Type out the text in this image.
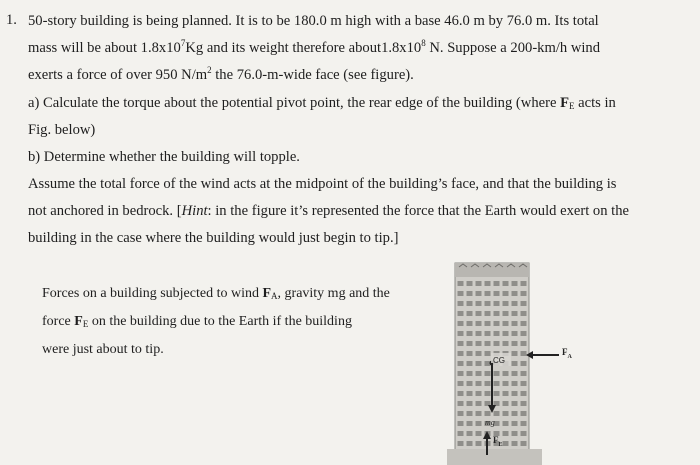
1. 50-story building is being planned. It is to be 180.0 m high with a base 46.0 m by 76.0 m. Its total
mass will be about $1.8x10^7Kg$ and its weight therefore $about1.8x10^8$ N. Suppose a 200-km/h wind
exerts a force of over 950 $N/m^2$ the 76.0-m-wide face (see figure).
a) Calculate the torque about the potential pivot point, the rear edge of the building (where $F_E$ acts in
Fig. below)
b) Determine whether the building will topple.
Assume the total force of the wind acts at the midpoint of the building’s face, and that the building is
not anchored in bedrock. [Hint: in the figure it’s represented the force that the Earth would exert on the
building in the case where the building would just begin to tip.]
Forces on a building subjected to wind $F_A$, gravity mg and the
force $F_E$ on the building due to the Earth if the building
were just about to tip.
CG
mg
$F_A$
$F_E$
